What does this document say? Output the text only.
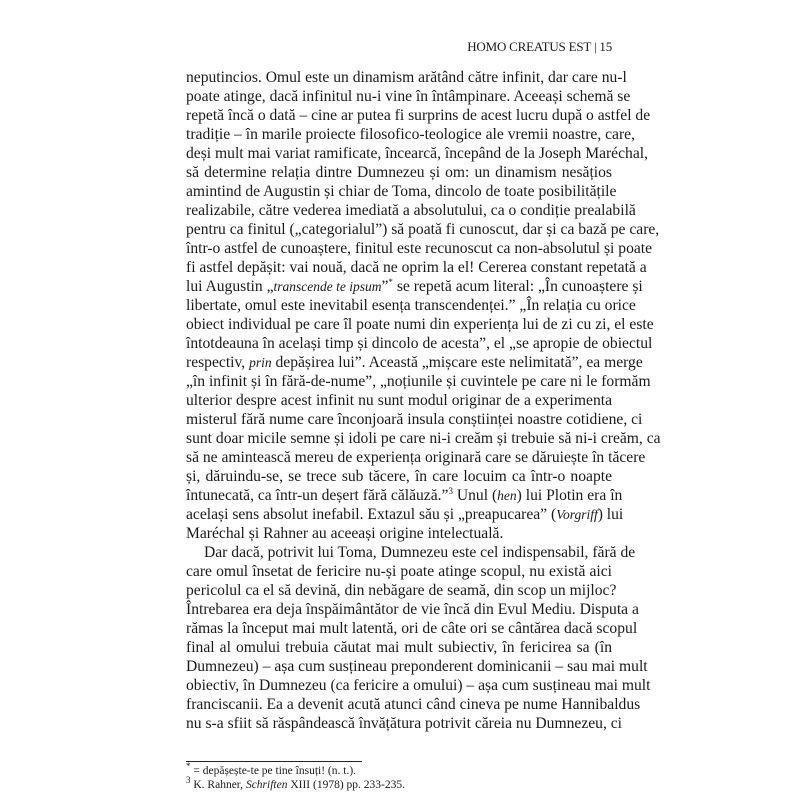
HOMO CREATUS EST | 15
neputincios. Omul este un dinamism arătând către infinit, dar care nu-l
poate atinge, dacă infinitul nu-i vine în întâmpinare. Aceeași schemă se
repetă încă o dată – cine ar putea fi surprins de acest lucru după o astfel de
tradiție – în marile proiecte filosofico-teologice ale vremii noastre, care,
deși mult mai variat ramificate, încearcă, începând de la Joseph Maréchal,
să determine relația dintre Dumnezeu și om: un dinamism nesățios
amintind de Augustin și chiar de Toma, dincolo de toate posibilitățile
realizabile, către vederea imediată a absolutului, ca o condiție prealabilă
pentru ca finitul („categorialul”) să poată fi cunoscut, dar și ca bază pe care,
într-o astfel de cunoaștere, finitul este recunoscut ca non-absolutul și poate
fi astfel depășit: vai nouă, dacă ne oprim la el! Cererea constant repetată a
lui Augustin „transcende te ipsum”* se repetă acum literal: „În cunoaștere și
libertate, omul este inevitabil esența transcendenței.” „În relația cu orice
obiect individual pe care îl poate numi din experiența lui de zi cu zi, el este
întotdeauna în același timp și dincolo de acesta”, el „se apropie de obiectul
respectiv, prin depășirea lui”. Această „mișcare este nelimitată”, ea merge
„în infinit și în fără-de-nume”, „noțiunile și cuvintele pe care ni le formăm
ulterior despre acest infinit nu sunt modul originar de a experimenta
misterul fără nume care înconjoară insula conștiinței noastre cotidiene, ci
sunt doar micile semne și idoli pe care ni-i creăm și trebuie să ni-i creăm, ca
să ne amintească mereu de experiența originară care se dăruiește în tăcere
și, dăruindu-se, se trece sub tăcere, în care locuim ca într-o noapte
întunecată, ca într-un deșert fără călăuză.”$^3$ Unul (hen) lui Plotin era în
același sens absolut inefabil. Extazul său și „preapucarea” (Vorgriff) lui
Maréchal și Rahner au aceeași origine intelectuală.
Dar dacă, potrivit lui Toma, Dumnezeu este cel indispensabil, fără de
care omul însetat de fericire nu-și poate atinge scopul, nu există aici
pericolul ca el să devină, din nebăgare de seamă, din scop un mijloc?
Întrebarea era deja înspăimântător de vie încă din Evul Mediu. Disputa a
rămas la început mai mult latentă, ori de câte ori se cântărea dacă scopul
final al omului trebuia căutat mai mult subiectiv, în fericirea sa (în
Dumnezeu) – așa cum susțineau preponderent dominicanii – sau mai mult
obiectiv, în Dumnezeu (ca fericire a omului) – așa cum susțineau mai mult
franciscanii. Ea a devenit acută atunci când cineva pe nume Hannibaldus
nu s-a sfiit să răspândească învățătura potrivit căreia nu Dumnezeu, ci
* = depășește-te pe tine însuți! (n. t.).
$^3$ K. Rahner, Schriften XIII (1978) pp. 233-235.
